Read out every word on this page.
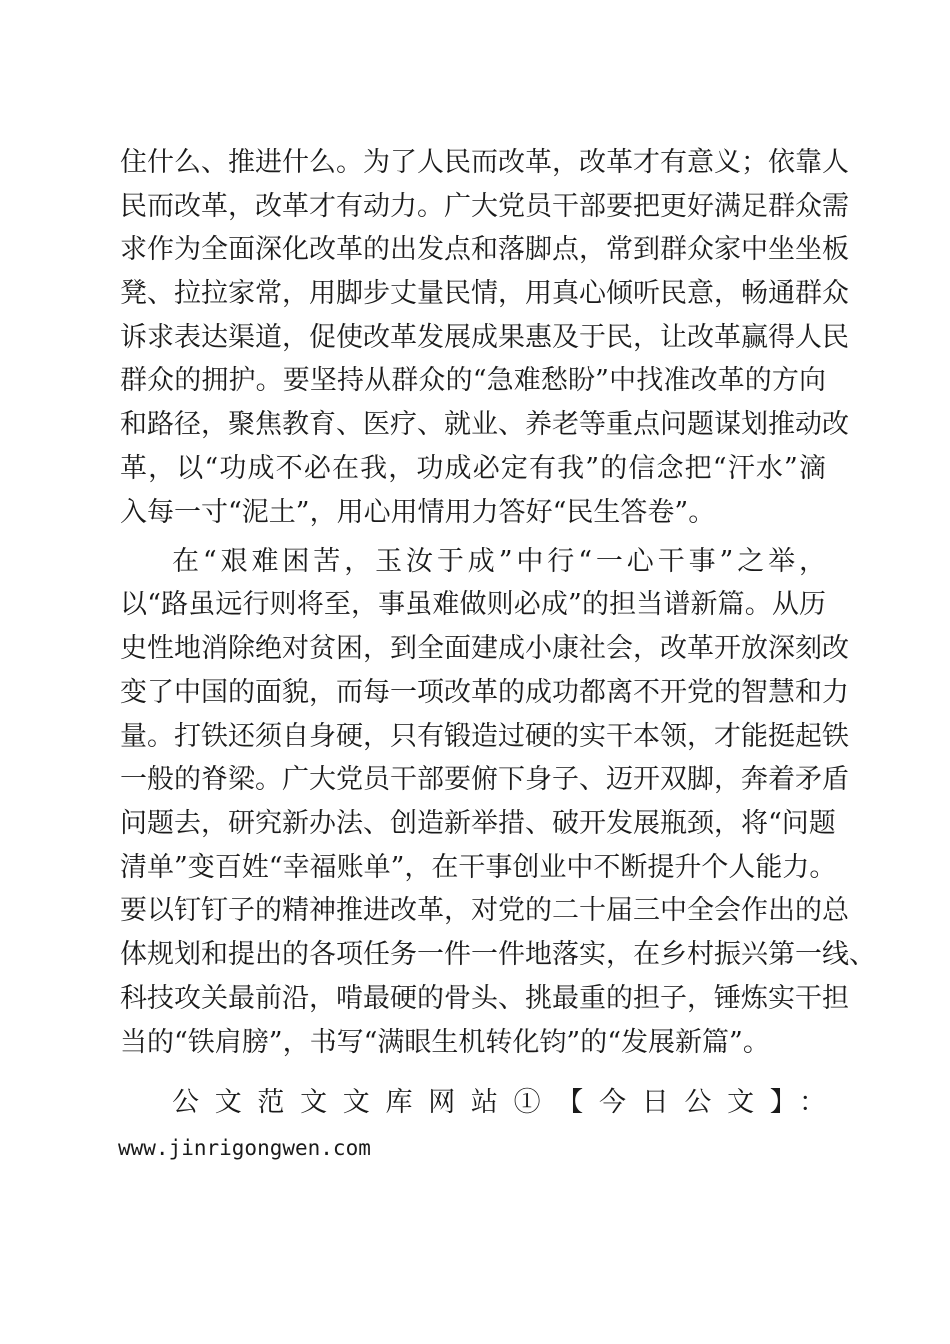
住什么、推进什么。为了人民而改革，改革才有意义；依靠人
民而改革，改革才有动力。广大党员干部要把更好满足群众需
求作为全面深化改革的出发点和落脚点，常到群众家中坐坐板
凳、拉拉家常，用脚步丈量民情，用真心倾听民意，畅通群众
诉求表达渠道，促使改革发展成果惠及于民，让改革赢得人民
群众的拥护。要坚持从群众的“急难愁盼”中找准改革的方向
和路径，聚焦教育、医疗、就业、养老等重点问题谋划推动改
革，以“功成不必在我，功成必定有我”的信念把“汗水”滴
入每一寸“泥土”，用心用情用力答好“民生答卷”。
在“艰难困苦，玉汝于成”中行“一心干事”之举，
以“路虽远行则将至，事虽难做则必成”的担当谱新篇。从历
史性地消除绝对贫困，到全面建成小康社会，改革开放深刻改
变了中国的面貌，而每一项改革的成功都离不开党的智慧和力
量。打铁还须自身硬，只有锻造过硬的实干本领，才能挺起铁
一般的脊梁。广大党员干部要俯下身子、迈开双脚，奔着矛盾
问题去，研究新办法、创造新举措、破开发展瓶颈，将“问题
清单”变百姓“幸福账单”，在干事创业中不断提升个人能力。
要以钉钉子的精神推进改革，对党的二十届三中全会作出的总
体规划和提出的各项任务一件一件地落实，在乡村振兴第一线、
科技攻关最前沿，啃最硬的骨头、挑最重的担子，锤炼实干担
当的“铁肩膀”，书写“满眼生机转化钧”的“发展新篇”。
公文范文文库网站①【今日公文】：
www.jinrigongwen.com
